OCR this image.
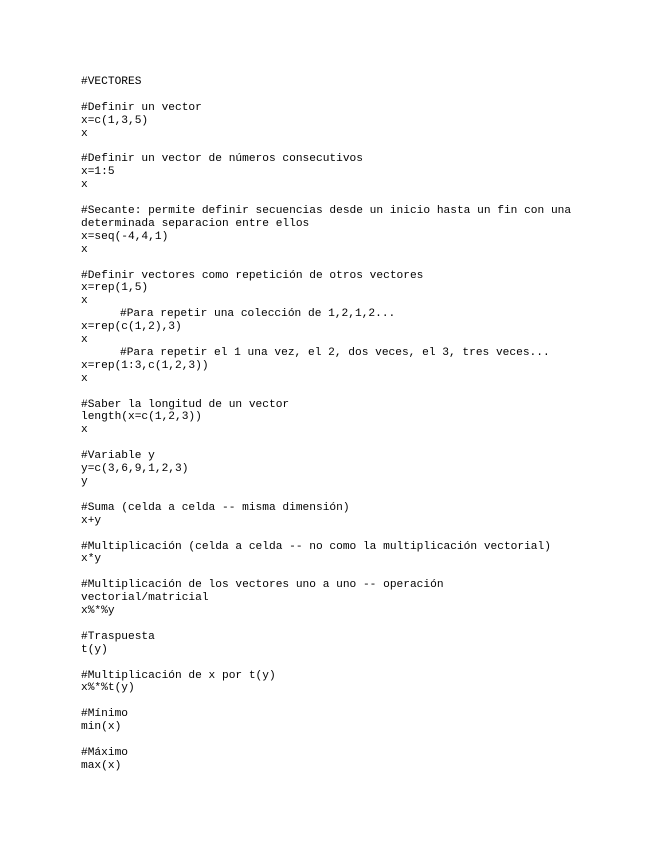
#VECTORES
#Definir un vector
x=c(1,3,5)
x
#Definir un vector de números consecutivos
x=1:5
x
#Secante: permite definir secuencias desde un inicio hasta un fin con una
determinada separacion entre ellos
x=seq(-4,4,1)
x
#Definir vectores como repetición de otros vectores
x=rep(1,5)
x
#Para repetir una colección de 1,2,1,2...
x=rep(c(1,2),3)
x
#Para repetir el 1 una vez, el 2, dos veces, el 3, tres veces...
x=rep(1:3,c(1,2,3))
x
#Saber la longitud de un vector
length(x=c(1,2,3))
x
#Variable y
y=c(3,6,9,1,2,3)
y
#Suma (celda a celda -- misma dimensión)
x+y
#Multiplicación (celda a celda -- no como la multiplicación vectorial)
x*y
#Multiplicación de los vectores uno a uno -- operación
vectorial/matricial
x%*%y
#Traspuesta
t(y)
#Multiplicación de x por t(y)
x%*%t(y)
#Mínimo
min(x)
#Máximo
max(x)
